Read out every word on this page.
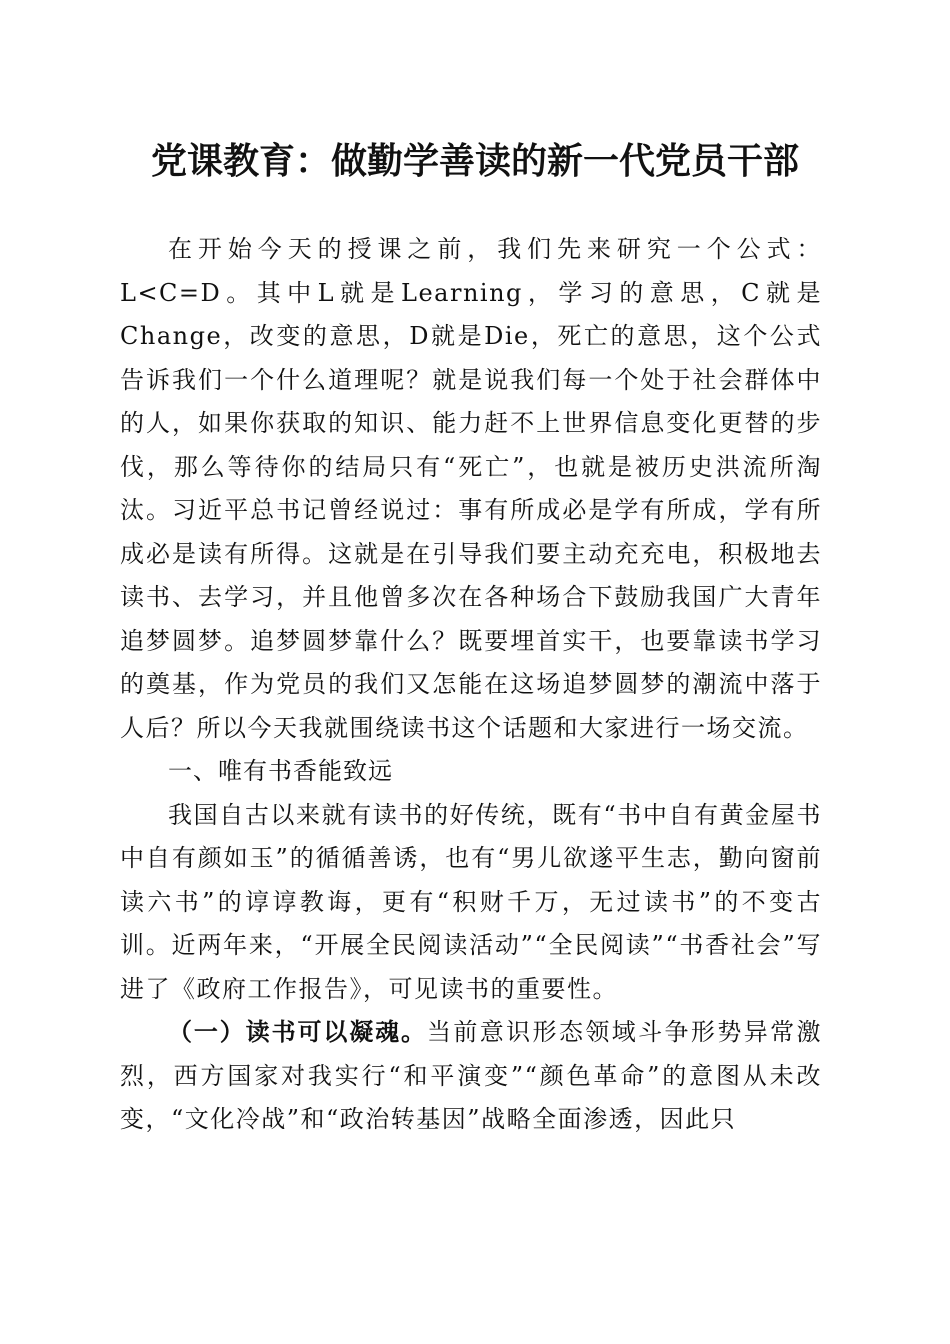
党课教育：做勤学善读的新一代党员干部

在开始今天的授课之前，我们先来研究一个公式：L<C=D。其中L就是Learning，学习的意思，C就是Change，改变的意思，D就是Die，死亡的意思，这个公式告诉我们一个什么道理呢？就是说我们每一个处于社会群体中的人，如果你获取的知识、能力赶不上世界信息变化更替的步伐，那么等待你的结局只有“死亡”，也就是被历史洪流所淘汰。习近平总书记曾经说过：事有所成必是学有所成，学有所成必是读有所得。这就是在引导我们要主动充充电，积极地去读书、去学习，并且他曾多次在各种场合下鼓励我国广大青年追梦圆梦。追梦圆梦靠什么？既要埋首实干，也要靠读书学习的奠基，作为党员的我们又怎能在这场追梦圆梦的潮流中落于人后？所以今天我就围绕读书这个话题和大家进行一场交流。

一、唯有书香能致远

我国自古以来就有读书的好传统，既有“书中自有黄金屋书中自有颜如玉”的循循善诱，也有“男儿欲遂平生志，勤向窗前读六书”的谆谆教诲，更有“积财千万，无过读书”的不变古训。近两年来，“开展全民阅读活动”“全民阅读”“书香社会”写进了《政府工作报告》，可见读书的重要性。

（一）读书可以凝魂。当前意识形态领域斗争形势异常激烈，西方国家对我实行“和平演变”“颜色革命”的意图从未改变，“文化冷战”和“政治转基因”战略全面渗透，因此只
